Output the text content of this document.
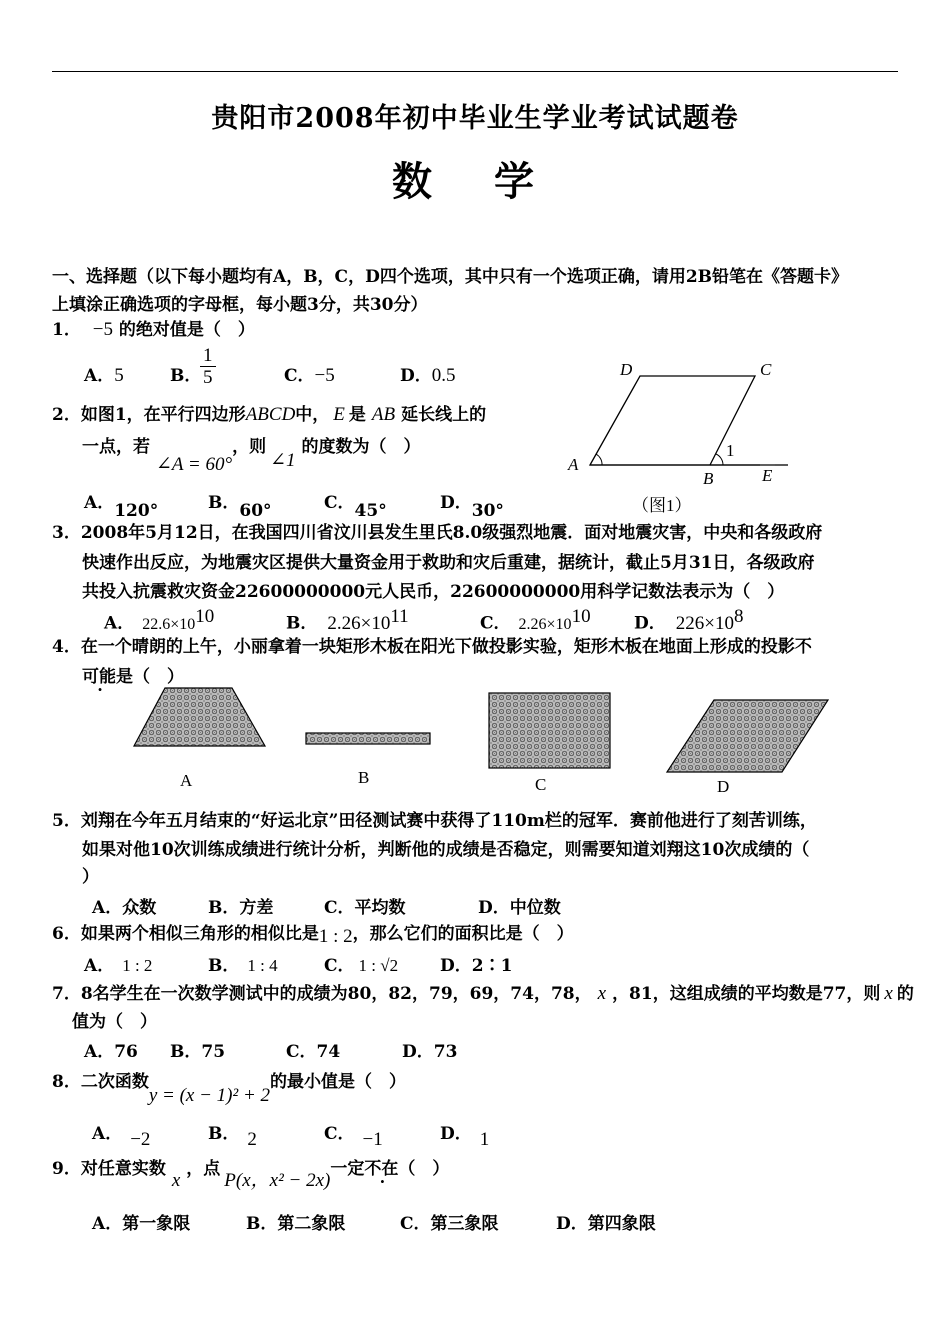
贵阳市2008年初中毕业生学业考试试题卷
数 学
一、选择题（以下每小题均有A，B，C，D四个选项，其中只有一个选项正确，请用2B铅笔在《答题卡》
上填涂正确选项的字母框，每小题3分，共30分）
1． −5 的绝对值是（　）
A．5	B．
$\frac{1}{5}$	C．−5	D．0.5
2．如图1，在平行四边形ABCD中， E 是 AB 延长线上的
一点，若∠A = 60°，则∠1的度数为（　）
A．120°	B．60°	C．45°	D．30°
D	C
A
B	E
1
（图1）
3．2008年5月12日，在我国四川省汶川县发生里氏8.0级强烈地震．面对地震灾害，中央和各级政府
快速作出反应，为地震灾区提供大量资金用于救助和灾后重建，据统计，截止5月31日，各级政府
共投入抗震救灾资金22600000000元人民币，22600000000用科学记数法表示为（　）
A． $22.6\times 10^{10}$	B． $2.26\times 10^{11}$	C． $2.26\times 10^{10}$	D． $226\times 10^8$
4．在一个晴朗的上午，小丽拿着一块矩形木板在阳光下做投影实验，矩形木板在地面上形成的投影不
可能是（　）
A	B	C	D
5．刘翔在今年五月结束的“好运北京”田径测试赛中获得了110m栏的冠军．赛前他进行了刻苦训练，
如果对他10次训练成绩进行统计分析，判断他的成绩是否稳定，则需要知道刘翔这10次成绩的（
）
A．众数	B．方差	C．平均数	D．中位数
6．如果两个相似三角形的相似比是1 : 2，那么它们的面积比是（　）
A． 1 : 2	B． 1 : 4	C． 1 : √2 D．2∶1
7．8名学生在一次数学测试中的成绩为80，82，79，69，74，78， x ，81，这组成绩的平均数是77，则 x 的
值为（　）
A．76 B．75	C．74	D．73
8．二次函数y = (x − 1)² + 2的最小值是（　）
A． −2	B． 2	C． −1	D． 1
9．对任意实数x，点P(x，x² − 2x)一定不在（　）
A．第一象限	B．第二象限	C．第三象限	D．第四象限
